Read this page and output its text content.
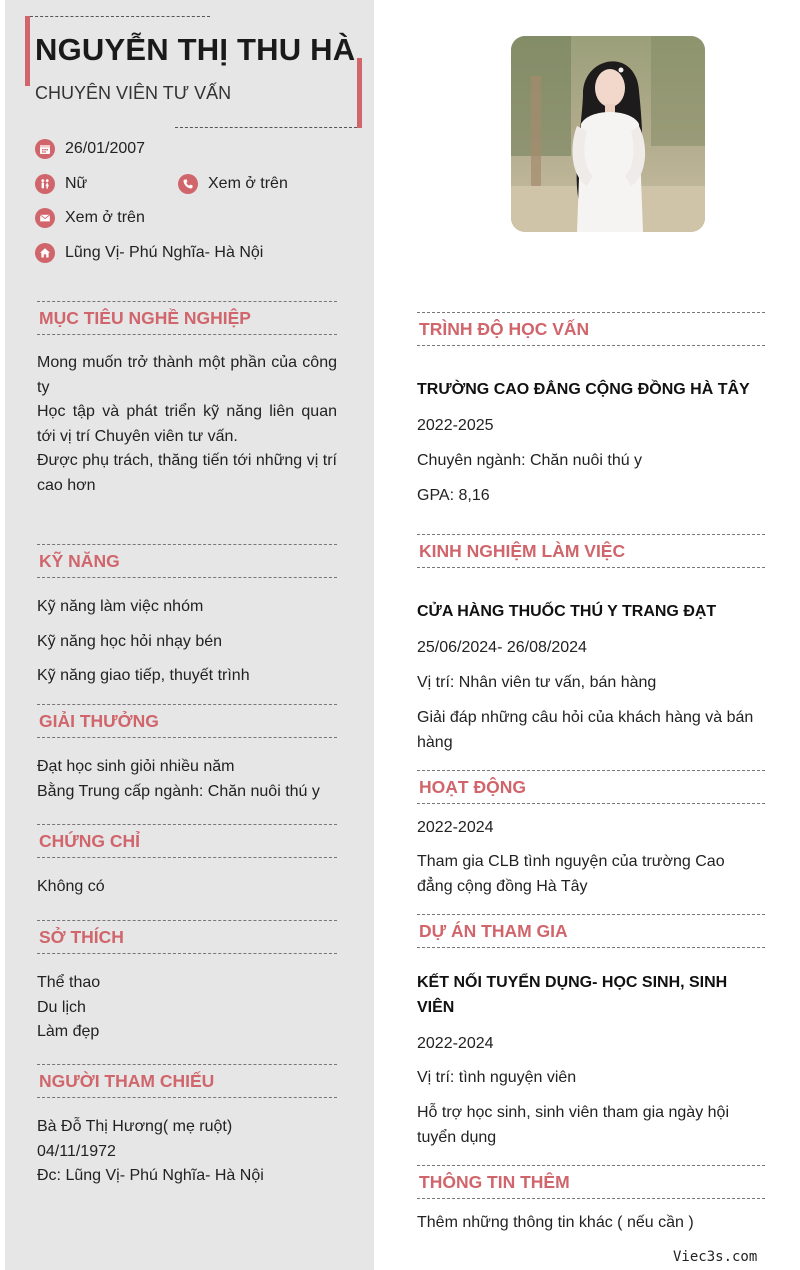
NGUYỄN THỊ THU HÀ
CHUYÊN VIÊN TƯ VẤN
26/01/2007
Nữ	Xem ở trên
Xem ở trên
Lũng Vị- Phú Nghĩa- Hà Nội
MỤC TIÊU NGHỀ NGHIỆP
Mong muốn trở thành một phần của công ty
Học tập và phát triển kỹ năng liên quan tới vị trí Chuyên viên tư vấn.
Được phụ trách, thăng tiến tới những vị trí cao hơn
KỸ NĂNG
Kỹ năng làm việc nhóm
Kỹ năng học hỏi nhạy bén
Kỹ năng giao tiếp, thuyết trình
GIẢI THƯỞNG
Đạt học sinh giỏi nhiều năm
Bằng Trung cấp ngành: Chăn nuôi thú y
CHỨNG CHỈ
Không có
SỞ THÍCH
Thể thao
Du lịch
Làm đẹp
NGƯỜI THAM CHIẾU
Bà Đỗ Thị Hương( mẹ ruột)
04/11/1972
Đc: Lũng Vị- Phú Nghĩa- Hà Nội
TRÌNH ĐỘ HỌC VẤN
TRƯỜNG CAO ĐẲNG CỘNG ĐỒNG HÀ TÂY
2022-2025
Chuyên ngành: Chăn nuôi thú y
GPA: 8,16
KINH NGHIỆM LÀM VIỆC
CỬA HÀNG THUỐC THÚ Y TRANG ĐẠT
25/06/2024- 26/08/2024
Vị trí: Nhân viên tư vấn, bán hàng
Giải đáp những câu hỏi của khách hàng và bán hàng
HOẠT ĐỘNG
2022-2024
Tham gia CLB tình nguyện của trường Cao đẳng cộng đồng Hà Tây
DỰ ÁN THAM GIA
KẾT NỐI TUYỂN DỤNG- HỌC SINH, SINH VIÊN
2022-2024
Vị trí: tình nguyện viên
Hỗ trợ học sinh, sinh viên tham gia ngày hội tuyển dụng
THÔNG TIN THÊM
Thêm những thông tin khác ( nếu cần )
Viec3s.com
